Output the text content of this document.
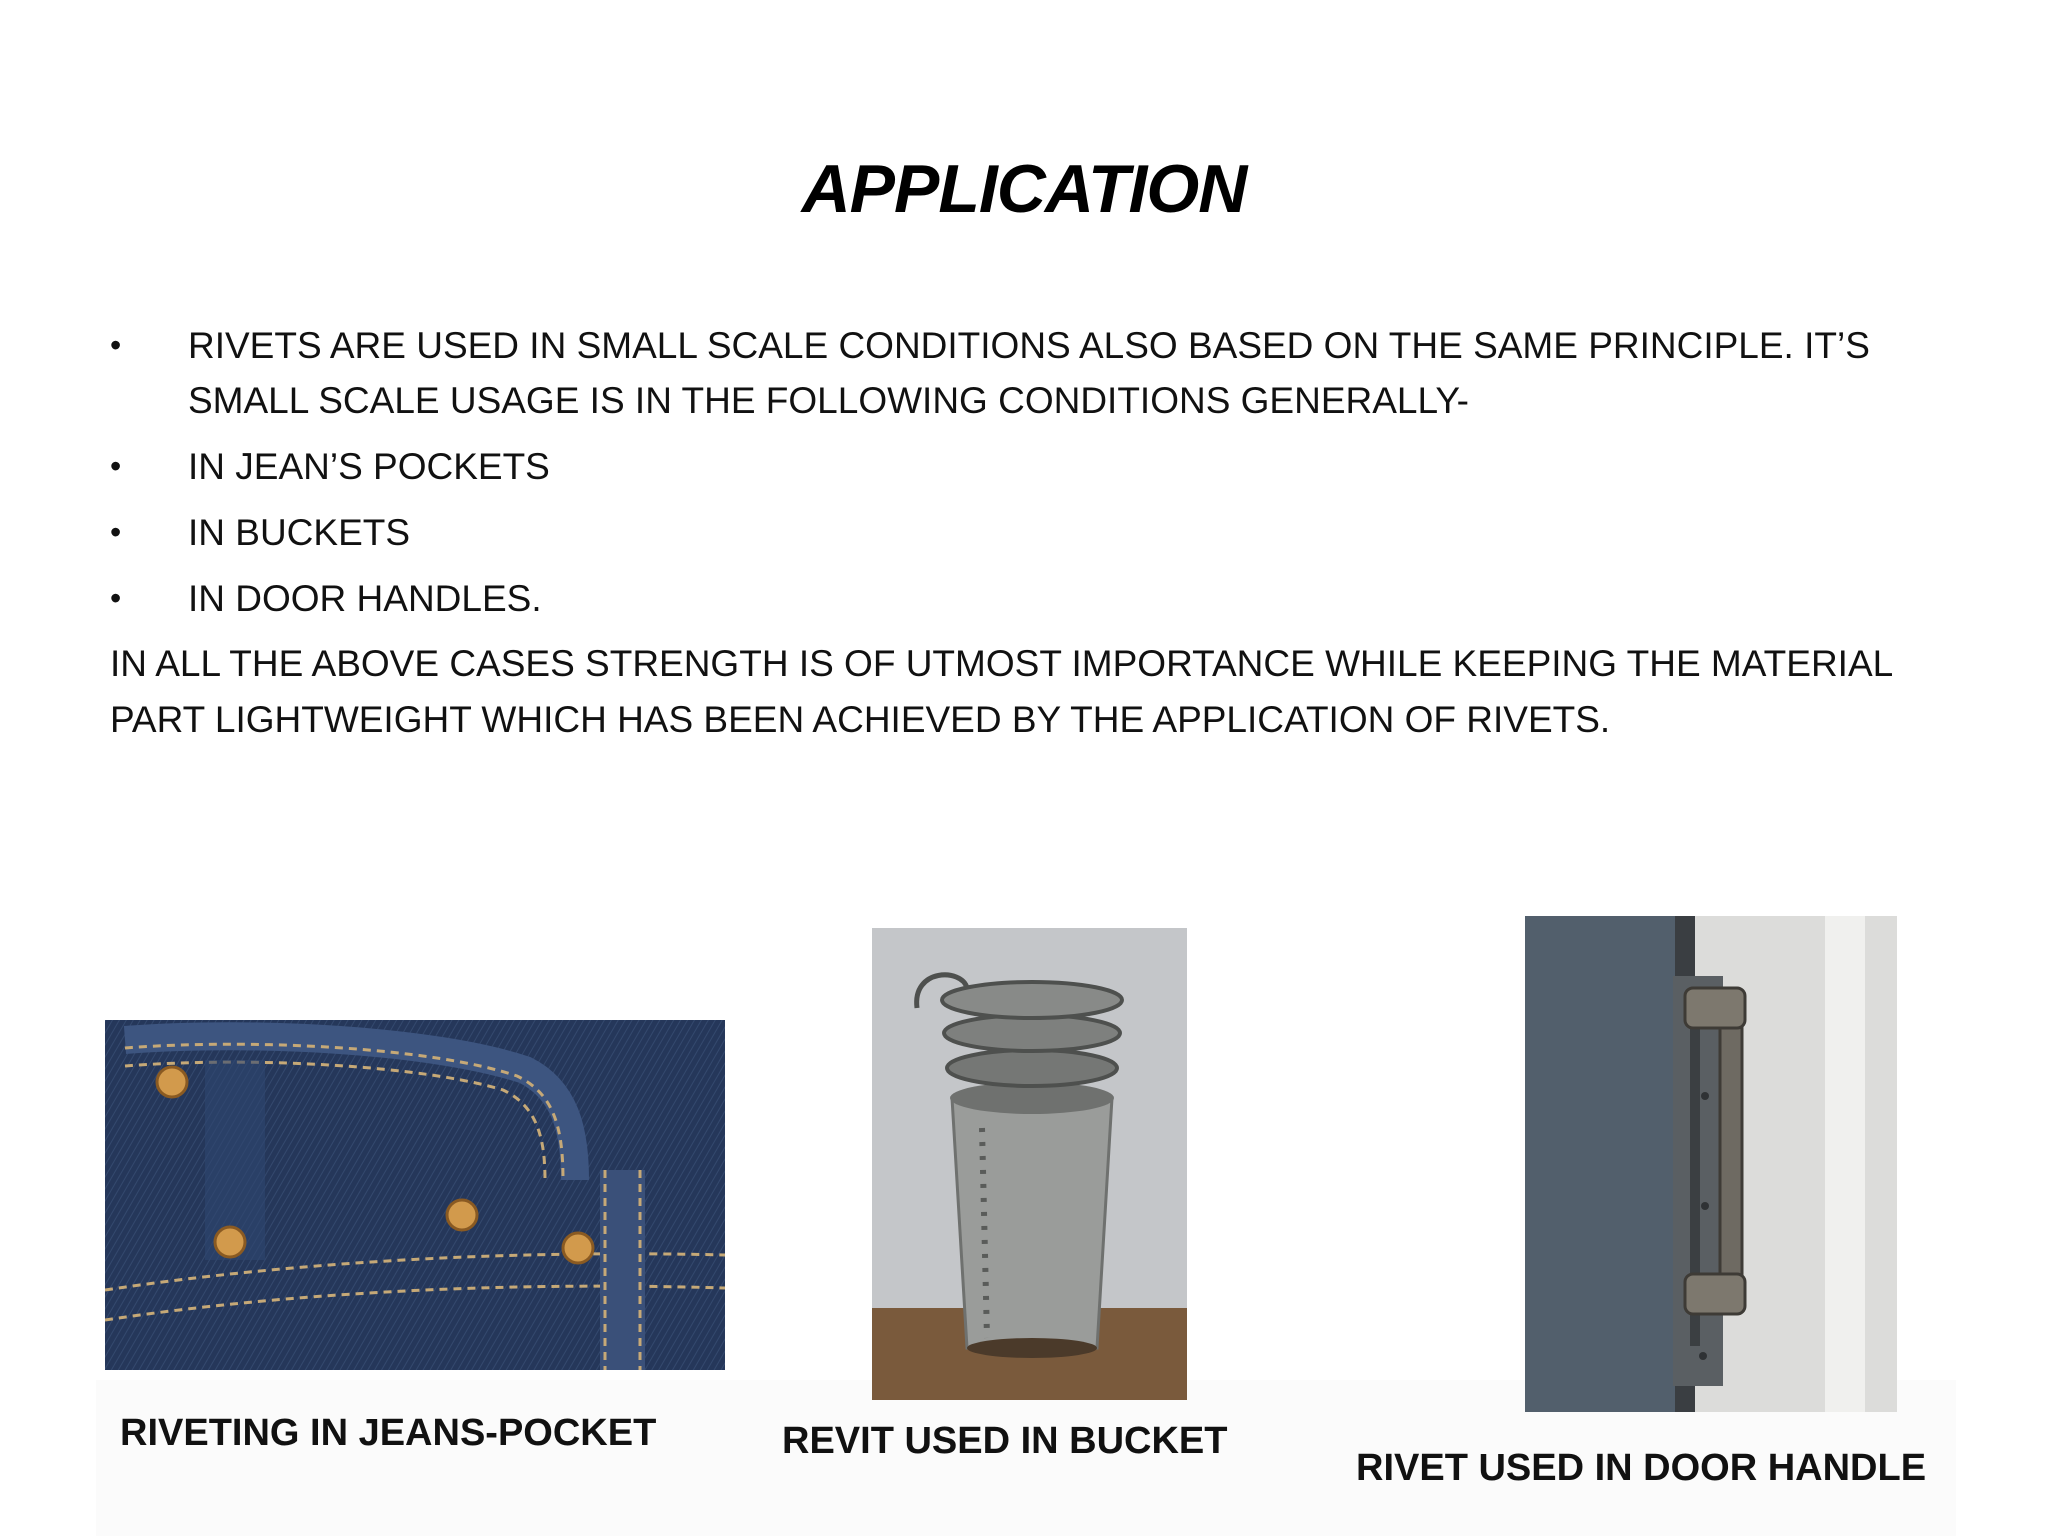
APPLICATION
•	RIVETS ARE USED IN SMALL SCALE CONDITIONS ALSO BASED ON THE SAME PRINCIPLE. IT’S SMALL SCALE USAGE IS IN THE FOLLOWING CONDITIONS GENERALLY-
•	IN JEAN’S POCKETS
•	IN BUCKETS
•	IN DOOR HANDLES.

IN ALL THE ABOVE CASES STRENGTH IS OF UTMOST IMPORTANCE WHILE KEEPING THE MATERIAL PART LIGHTWEIGHT WHICH HAS BEEN ACHIEVED BY THE APPLICATION OF RIVETS.

RIVETING IN JEANS-POCKET	REVIT USED IN BUCKET
RIVET USED IN DOOR HANDLE
